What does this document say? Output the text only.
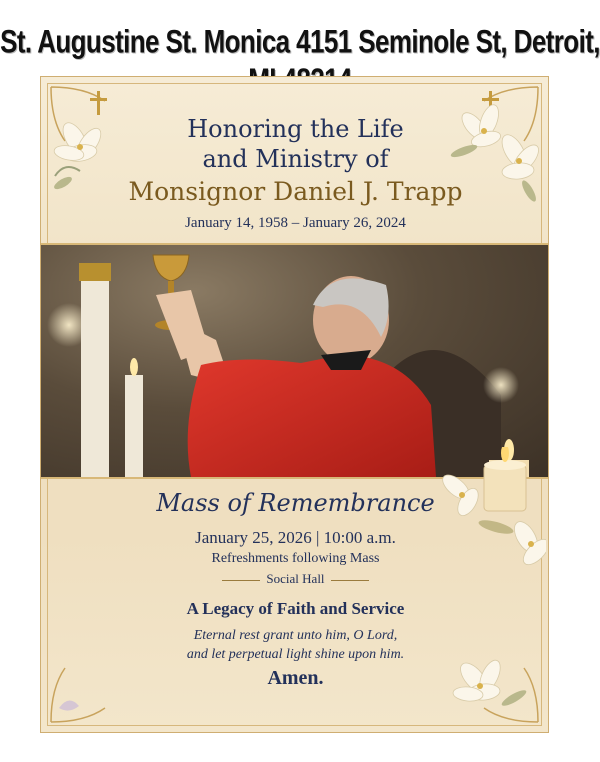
St. Augustine St. Monica 4151 Seminole St, Detroit,
Honoring the Life
and Ministry of
Monsignor Daniel J. Trapp
January 14, 1958 – January 26, 2024
Mass of Remembrance
January 25, 2026 | 10:00 a.m.
Refreshments following Mass
Social Hall
A Legacy of Faith and Service
Eternal rest grant unto him, O Lord,
and let perpetual light shine upon him.
Amen.
